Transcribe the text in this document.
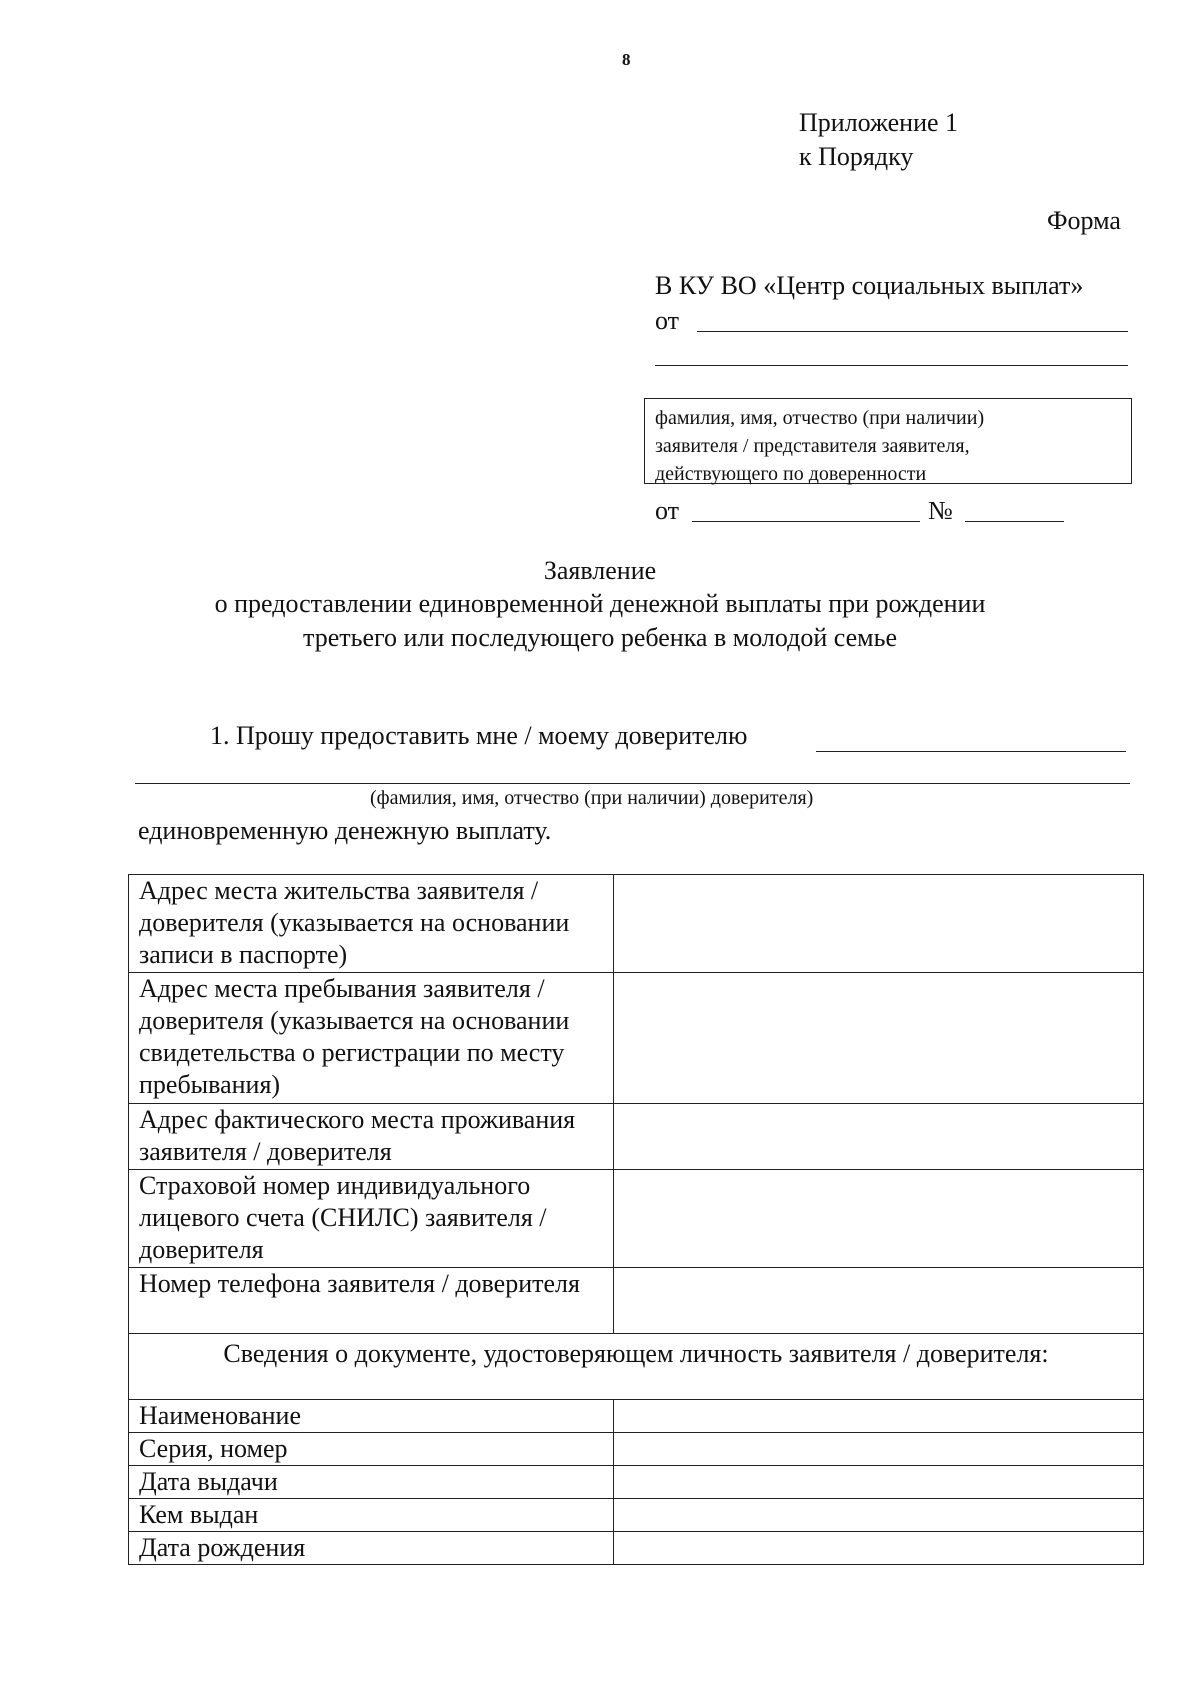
8
Приложение 1
к Порядку
Форма
В КУ ВО «Центр социальных выплат»
от
фамилия, имя, отчество (при наличии)
заявителя / представителя заявителя,
действующего по доверенности
от	№
Заявление
о предоставлении единовременной денежной выплаты при рождении
третьего или последующего ребенка в молодой семье
1. Прошу предоставить мне / моему доверителю
(фамилия, имя, отчество (при наличии) доверителя)
единовременную денежную выплату.
Адрес места жительства заявителя / доверителя (указывается на основании записи в паспорте)	
Адрес места пребывания заявителя / доверителя (указывается на основании свидетельства о регистрации по месту пребывания)	
Адрес фактического места проживания заявителя / доверителя	
Страховой номер индивидуального лицевого счета (СНИЛС) заявителя / доверителя	
Номер телефона заявителя / доверителя	
Сведения о документе, удостоверяющем личность заявителя / доверителя:	
Наименование	
Серия, номер	
Дата выдачи	
Кем выдан	
Дата рождения	
